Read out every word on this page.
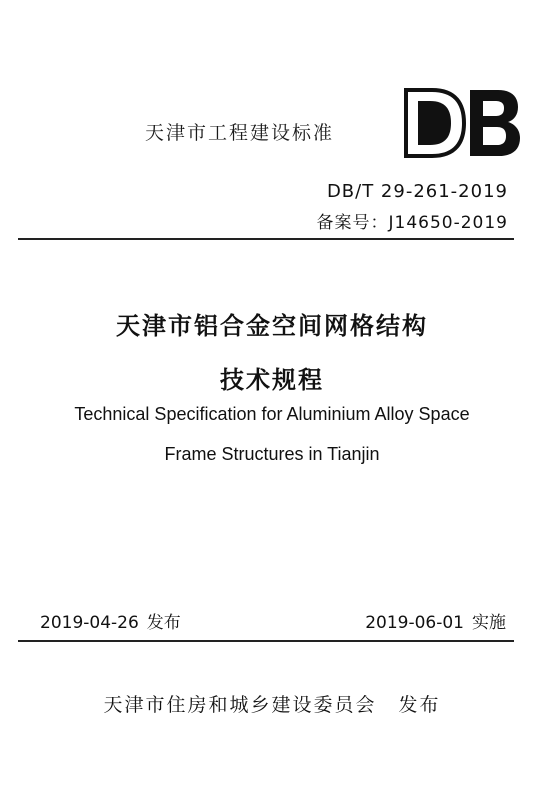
天津市工程建设标准
DB/T 29-261-2019
备案号：J14650-2019
天津市铝合金空间网格结构
技术规程
Technical Specification for Aluminium Alloy Space
Frame Structures in Tianjin
2019-04-26 发布	2019-06-01 实施
天津市住房和城乡建设委员会 发布
